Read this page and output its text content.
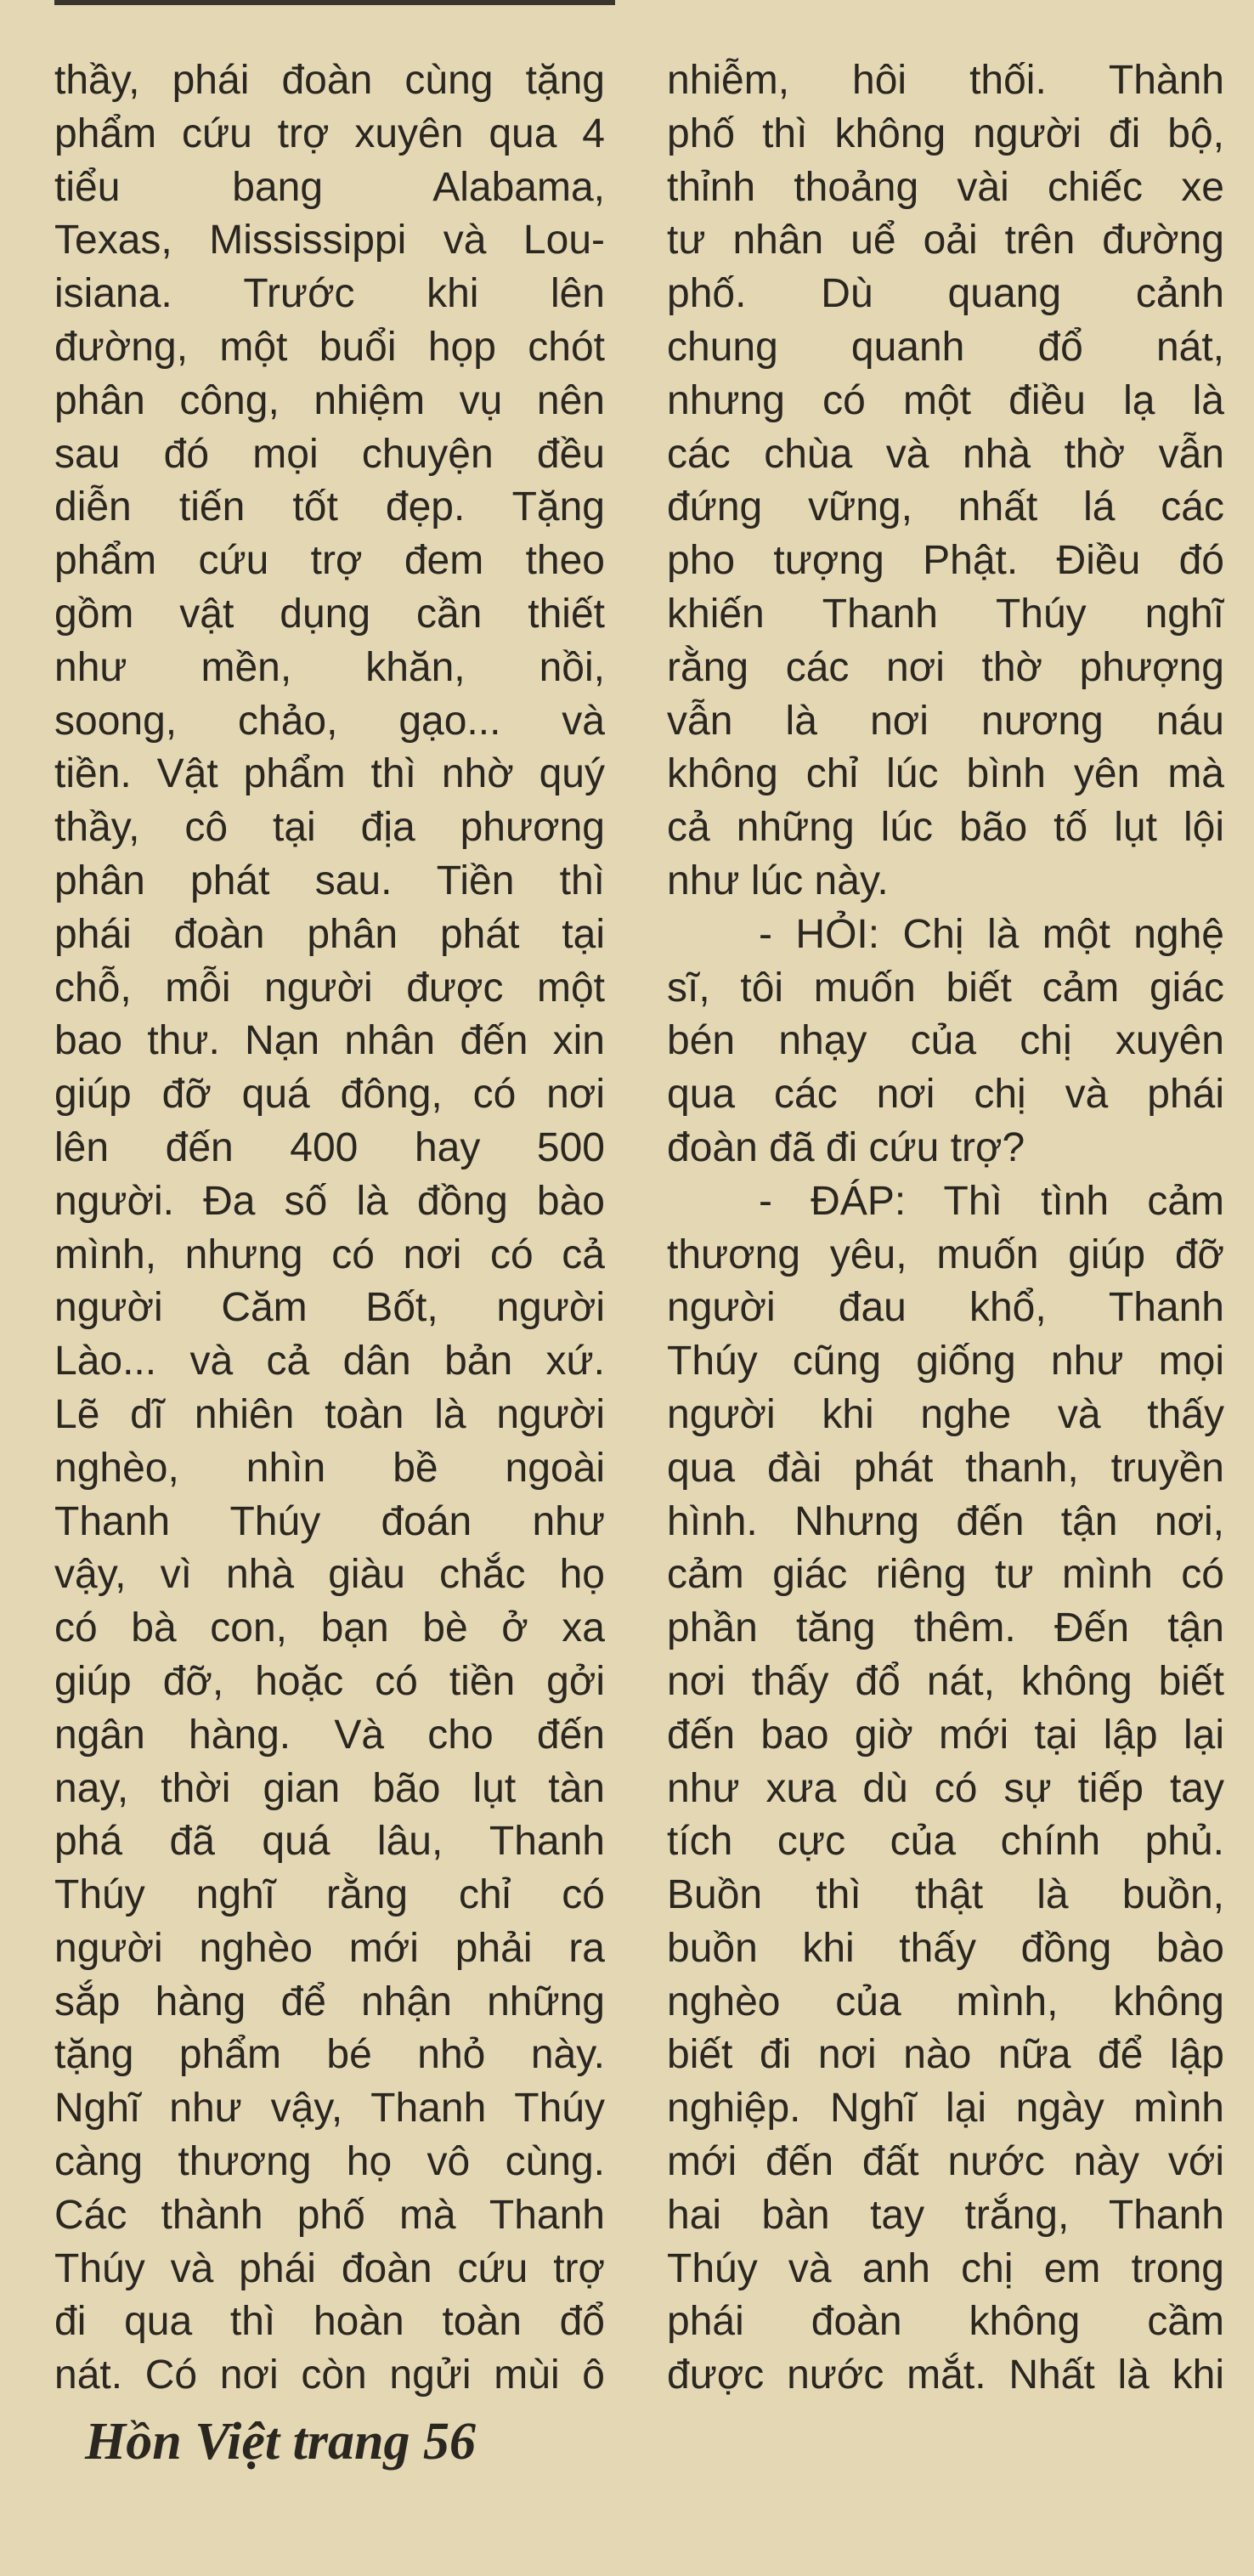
thầy, phái đoàn cùng tặng
phẩm cứu trợ xuyên qua 4
tiểu bang Alabama,
Texas, Mississippi và Lou-
isiana. Trước khi lên
đường, một buổi họp chót
phân công, nhiệm vụ nên
sau đó mọi chuyện đều
diễn tiến tốt đẹp. Tặng
phẩm cứu trợ đem theo
gồm vật dụng cần thiết
như mền, khăn, nồi,
soong, chảo, gạo... và
tiền. Vật phẩm thì nhờ quý
thầy, cô tại địa phương
phân phát sau. Tiền thì
phái đoàn phân phát tại
chỗ, mỗi người được một
bao thư. Nạn nhân đến xin
giúp đỡ quá đông, có nơi
lên đến 400 hay 500
người. Đa số là đồng bào
mình, nhưng có nơi có cả
người Căm Bốt, người
Lào... và cả dân bản xứ.
Lẽ dĩ nhiên toàn là người
nghèo, nhìn bề ngoài
Thanh Thúy đoán như
vậy, vì nhà giàu chắc họ
có bà con, bạn bè ở xa
giúp đỡ, hoặc có tiền gởi
ngân hàng. Và cho đến
nay, thời gian bão lụt tàn
phá đã quá lâu, Thanh
Thúy nghĩ rằng chỉ có
người nghèo mới phải ra
sắp hàng để nhận những
tặng phẩm bé nhỏ này.
Nghĩ như vậy, Thanh Thúy
càng thương họ vô cùng.
Các thành phố mà Thanh
Thúy và phái đoàn cứu trợ
đi qua thì hoàn toàn đổ
nát. Có nơi còn ngửi mùi ô
nhiễm, hôi thối. Thành
phố thì không người đi bộ,
thỉnh thoảng vài chiếc xe
tư nhân uể oải trên đường
phố. Dù quang cảnh
chung quanh đổ nát,
nhưng có một điều lạ là
các chùa và nhà thờ vẫn
đứng vững, nhất lá các
pho tượng Phật. Điều đó
khiến Thanh Thúy nghĩ
rằng các nơi thờ phượng
vẫn là nơi nương náu
không chỉ lúc bình yên mà
cả những lúc bão tố lụt lội
như lúc này.
- HỎI: Chị là một nghệ
sĩ, tôi muốn biết cảm giác
bén nhạy của chị xuyên
qua các nơi chị và phái
đoàn đã đi cứu trợ?
- ĐÁP: Thì tình cảm
thương yêu, muốn giúp đỡ
người đau khổ, Thanh
Thúy cũng giống như mọi
người khi nghe và thấy
qua đài phát thanh, truyền
hình. Nhưng đến tận nơi,
cảm giác riêng tư mình có
phần tăng thêm. Đến tận
nơi thấy đổ nát, không biết
đến bao giờ mới tại lập lại
như xưa dù có sự tiếp tay
tích cực của chính phủ.
Buồn thì thật là buồn,
buồn khi thấy đồng bào
nghèo của mình, không
biết đi nơi nào nữa để lập
nghiệp. Nghĩ lại ngày mình
mới đến đất nước này với
hai bàn tay trắng, Thanh
Thúy và anh chị em trong
phái đoàn không cầm
được nước mắt. Nhất là khi
Hồn Việt trang 56
